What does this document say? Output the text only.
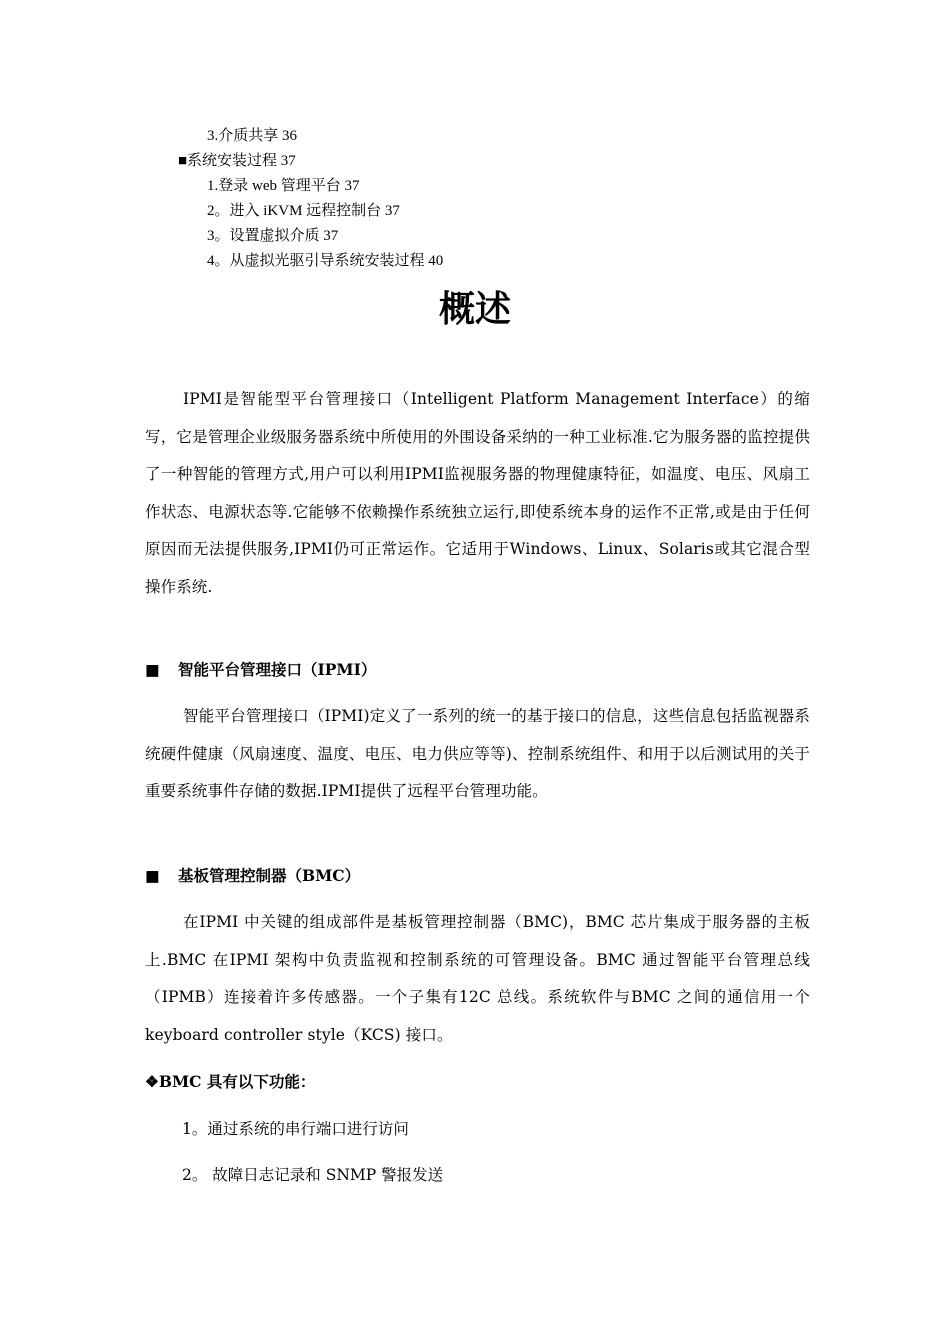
3.介质共享 36
■系统安装过程 37
1.登录 web 管理平台 37
2。进入 iKVM 远程控制台 37
3。设置虚拟介质 37
4。从虚拟光驱引导系统安装过程 40
概述

IPMI是智能型平台管理接口（Intelligent Platform Management Interface）的缩写，它是管理企业级服务器系统中所使用的外围设备采纳的一种工业标准.它为服务器的监控提供了一种智能的管理方式,用户可以利用IPMI监视服务器的物理健康特征，如温度、电压、风扇工作状态、电源状态等.它能够不依赖操作系统独立运行,即使系统本身的运作不正常,或是由于任何原因而无法提供服务,IPMI仍可正常运作。它适用于Windows、Linux、Solaris或其它混合型操作系统.

■ 智能平台管理接口（IPMI）

智能平台管理接口（IPMI)定义了一系列的统一的基于接口的信息，这些信息包括监视器系统硬件健康（风扇速度、温度、电压、电力供应等等)、控制系统组件、和用于以后测试用的关于重要系统事件存储的数据.IPMI提供了远程平台管理功能。

■ 基板管理控制器（BMC）

在IPMI 中关键的组成部件是基板管理控制器（BMC)，BMC 芯片集成于服务器的主板上.BMC 在IPMI 架构中负责监视和控制系统的可管理设备。BMC 通过智能平台管理总线（IPMB）连接着许多传感器。一个子集有12C 总线。系统软件与BMC 之间的通信用一个keyboard controller style（KCS) 接口。

❖BMC 具有以下功能：
1。通过系统的串行端口进行访问
2。 故障日志记录和 SNMP 警报发送
